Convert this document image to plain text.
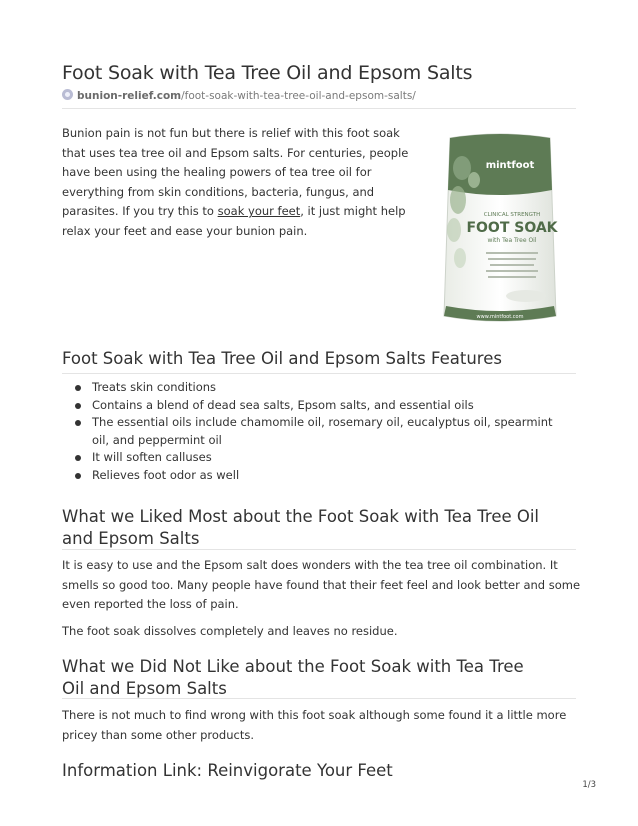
Foot Soak with Tea Tree Oil and Epsom Salts
bunion-relief.com/foot-soak-with-tea-tree-oil-and-epsom-salts/

Bunion pain is not fun but there is relief with this foot soak that uses tea tree oil and Epsom salts. For centuries, people have been using the healing powers of tea tree oil for everything from skin conditions, bacteria, fungus, and parasites. If you try this to soak your feet, it just might help relax your feet and ease your bunion pain.

mintfoot
CLINICAL STRENGTH
FOOT SOAK
with Tea Tree Oil
www.mintfoot.com
Foot Soak with Tea Tree Oil and Epsom Salts Features
Treats skin conditions
Contains a blend of dead sea salts, Epsom salts, and essential oils
The essential oils include chamomile oil, rosemary oil, eucalyptus oil, spearmint oil, and peppermint oil
It will soften calluses
Relieves foot odor as well
What we Liked Most about the Foot Soak with Tea Tree Oil and Epsom Salts

It is easy to use and the Epsom salt does wonders with the tea tree oil combination. It smells so good too. Many people have found that their feet feel and look better and some even reported the loss of pain.

The foot soak dissolves completely and leaves no residue.

What we Did Not Like about the Foot Soak with Tea Tree Oil and Epsom Salts

There is not much to find wrong with this foot soak although some found it a little more pricey than some other products.

Information Link: Reinvigorate Your Feet
1/3
